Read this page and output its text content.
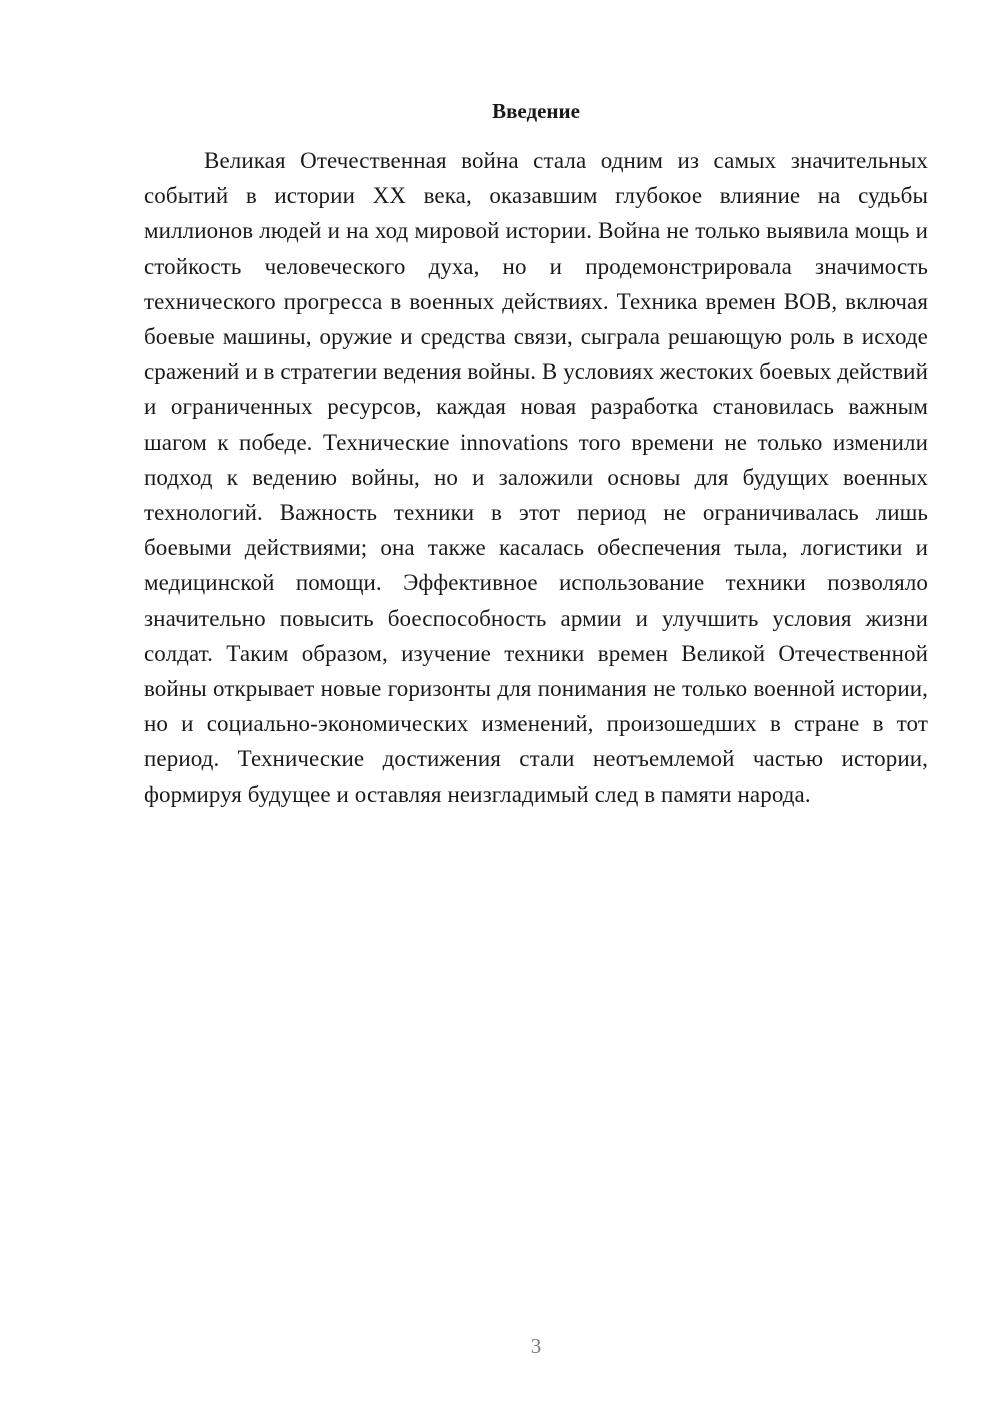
Введение

Великая Отечественная война стала одним из самых значительных событий в истории XX века, оказавшим глубокое влияние на судьбы миллионов людей и на ход мировой истории. Война не только выявила мощь и стойкость человеческого духа, но и продемонстрировала значимость технического прогресса в военных действиях. Техника времен ВОВ, включая боевые машины, оружие и средства связи, сыграла решающую роль в исходе сражений и в стратегии ведения войны. В условиях жестоких боевых действий и ограниченных ресурсов, каждая новая разработка становилась важным шагом к победе. Технические innovations того времени не только изменили подход к ведению войны, но и заложили основы для будущих военных технологий. Важность техники в этот период не ограничивалась лишь боевыми действиями; она также касалась обеспечения тыла, логистики и медицинской помощи. Эффективное использование техники позволяло значительно повысить боеспособность армии и улучшить условия жизни солдат. Таким образом, изучение техники времен Великой Отечественной войны открывает новые горизонты для понимания не только военной истории, но и социально-экономических изменений, произошедших в стране в тот период. Технические достижения стали неотъемлемой частью истории, формируя будущее и оставляя неизгладимый след в памяти народа.

3
